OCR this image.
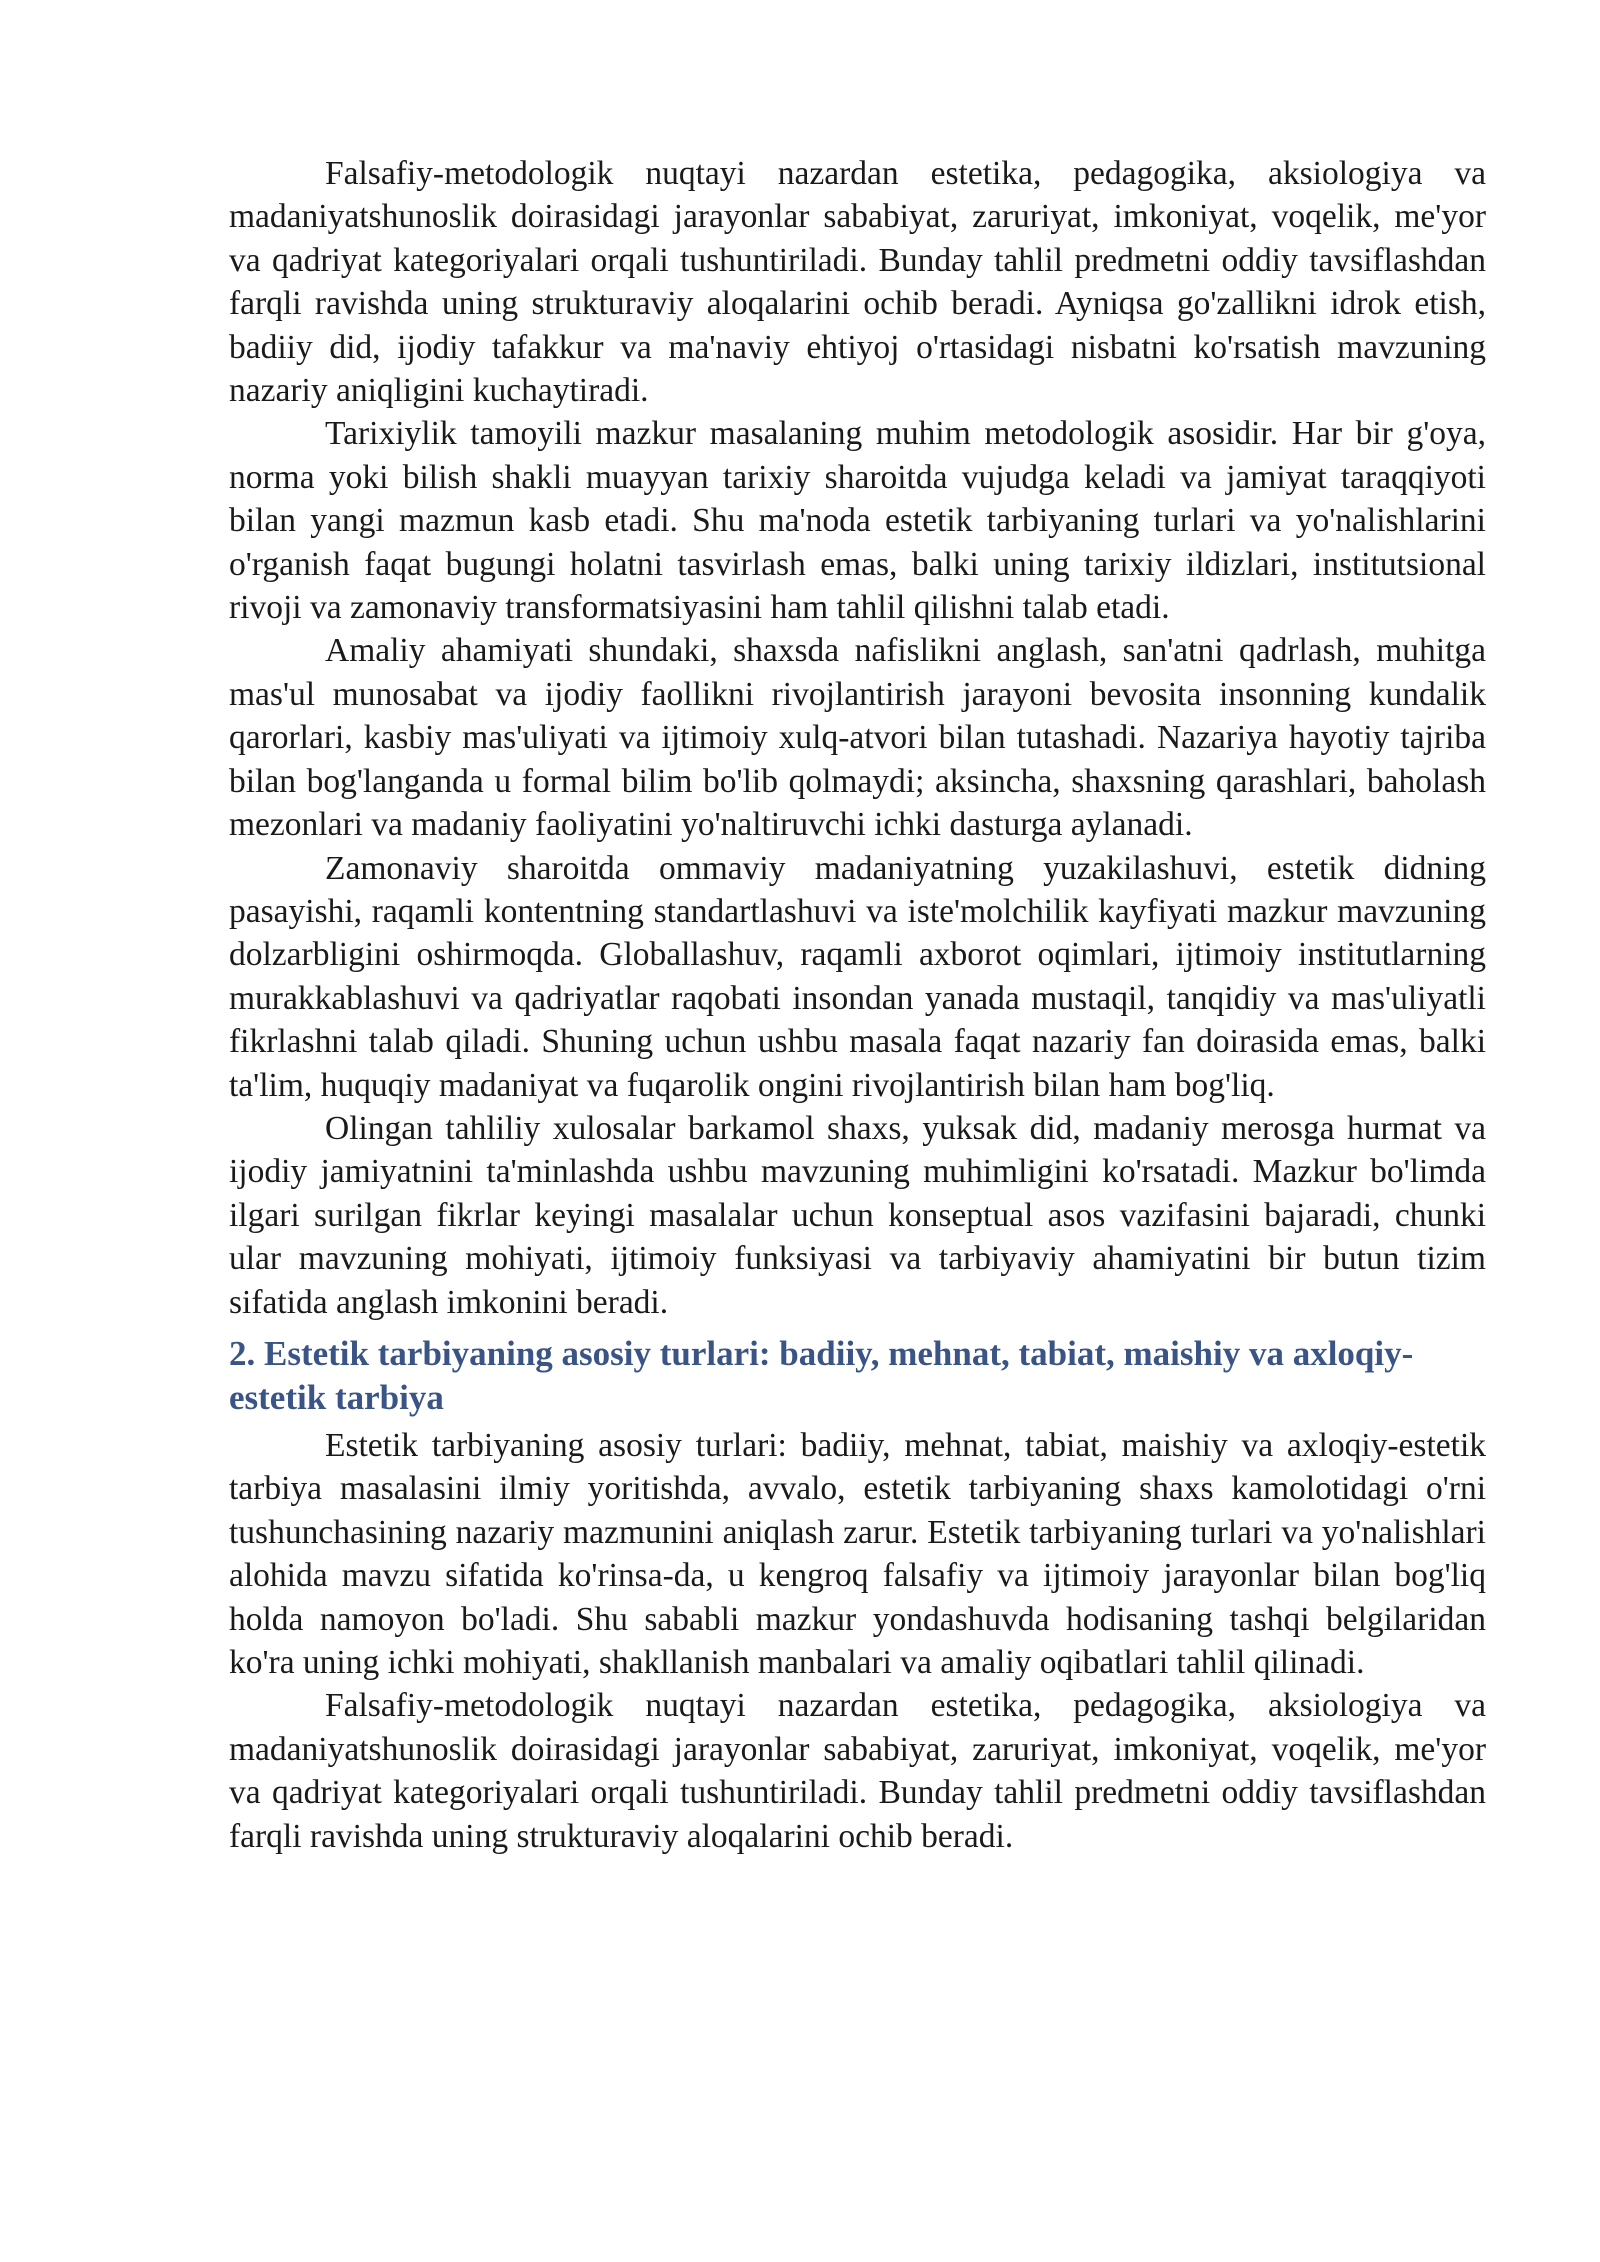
Falsafiy-metodologik nuqtayi nazardan estetika, pedagogika, aksiologiya va madaniyatshunoslik doirasidagi jarayonlar sababiyat, zaruriyat, imkoniyat, voqelik, me'yor va qadriyat kategoriyalari orqali tushuntiriladi. Bunday tahlil predmetni oddiy tavsiflashdan farqli ravishda uning strukturaviy aloqalarini ochib beradi. Ayniqsa go'zallikni idrok etish, badiiy did, ijodiy tafakkur va ma'naviy ehtiyoj o'rtasidagi nisbatni ko'rsatish mavzuning nazariy aniqligini kuchaytiradi.

Tarixiylik tamoyili mazkur masalaning muhim metodologik asosidir. Har bir g'oya, norma yoki bilish shakli muayyan tarixiy sharoitda vujudga keladi va jamiyat taraqqiyoti bilan yangi mazmun kasb etadi. Shu ma'noda estetik tarbiyaning turlari va yo'nalishlarini o'rganish faqat bugungi holatni tasvirlash emas, balki uning tarixiy ildizlari, institutsional rivoji va zamonaviy transformatsiyasini ham tahlil qilishni talab etadi.

Amaliy ahamiyati shundaki, shaxsda nafislikni anglash, san'atni qadrlash, muhitga mas'ul munosabat va ijodiy faollikni rivojlantirish jarayoni bevosita insonning kundalik qarorlari, kasbiy mas'uliyati va ijtimoiy xulq-atvori bilan tutashadi. Nazariya hayotiy tajriba bilan bog'langanda u formal bilim bo'lib qolmaydi; aksincha, shaxsning qarashlari, baholash mezonlari va madaniy faoliyatini yo'naltiruvchi ichki dasturga aylanadi.

Zamonaviy sharoitda ommaviy madaniyatning yuzakilashuvi, estetik didning pasayishi, raqamli kontentning standartlashuvi va iste'molchilik kayfiyati mazkur mavzuning dolzarbligini oshirmoqda. Globallashuv, raqamli axborot oqimlari, ijtimoiy institutlarning murakkablashuvi va qadriyatlar raqobati insondan yanada mustaqil, tanqidiy va mas'uliyatli fikrlashni talab qiladi. Shuning uchun ushbu masala faqat nazariy fan doirasida emas, balki ta'lim, huquqiy madaniyat va fuqarolik ongini rivojlantirish bilan ham bog'liq.

Olingan tahliliy xulosalar barkamol shaxs, yuksak did, madaniy merosga hurmat va ijodiy jamiyatnini ta'minlashda ushbu mavzuning muhimligini ko'rsatadi. Mazkur bo'limda ilgari surilgan fikrlar keyingi masalalar uchun konseptual asos vazifasini bajaradi, chunki ular mavzuning mohiyati, ijtimoiy funksiyasi va tarbiyaviy ahamiyatini bir butun tizim sifatida anglash imkonini beradi.

2. Estetik tarbiyaning asosiy turlari: badiiy, mehnat, tabiat, maishiy va axloqiy-estetik tarbiya

Estetik tarbiyaning asosiy turlari: badiiy, mehnat, tabiat, maishiy va axloqiy-estetik tarbiya masalasini ilmiy yoritishda, avvalo, estetik tarbiyaning shaxs kamolotidagi o'rni tushunchasining nazariy mazmunini aniqlash zarur. Estetik tarbiyaning turlari va yo'nalishlari alohida mavzu sifatida ko'rinsa-da, u kengroq falsafiy va ijtimoiy jarayonlar bilan bog'liq holda namoyon bo'ladi. Shu sababli mazkur yondashuvda hodisaning tashqi belgilaridan ko'ra uning ichki mohiyati, shakllanish manbalari va amaliy oqibatlari tahlil qilinadi.

Falsafiy-metodologik nuqtayi nazardan estetika, pedagogika, aksiologiya va madaniyatshunoslik doirasidagi jarayonlar sababiyat, zaruriyat, imkoniyat, voqelik, me'yor va qadriyat kategoriyalari orqali tushuntiriladi. Bunday tahlil predmetni oddiy tavsiflashdan farqli ravishda uning strukturaviy aloqalarini ochib beradi.
